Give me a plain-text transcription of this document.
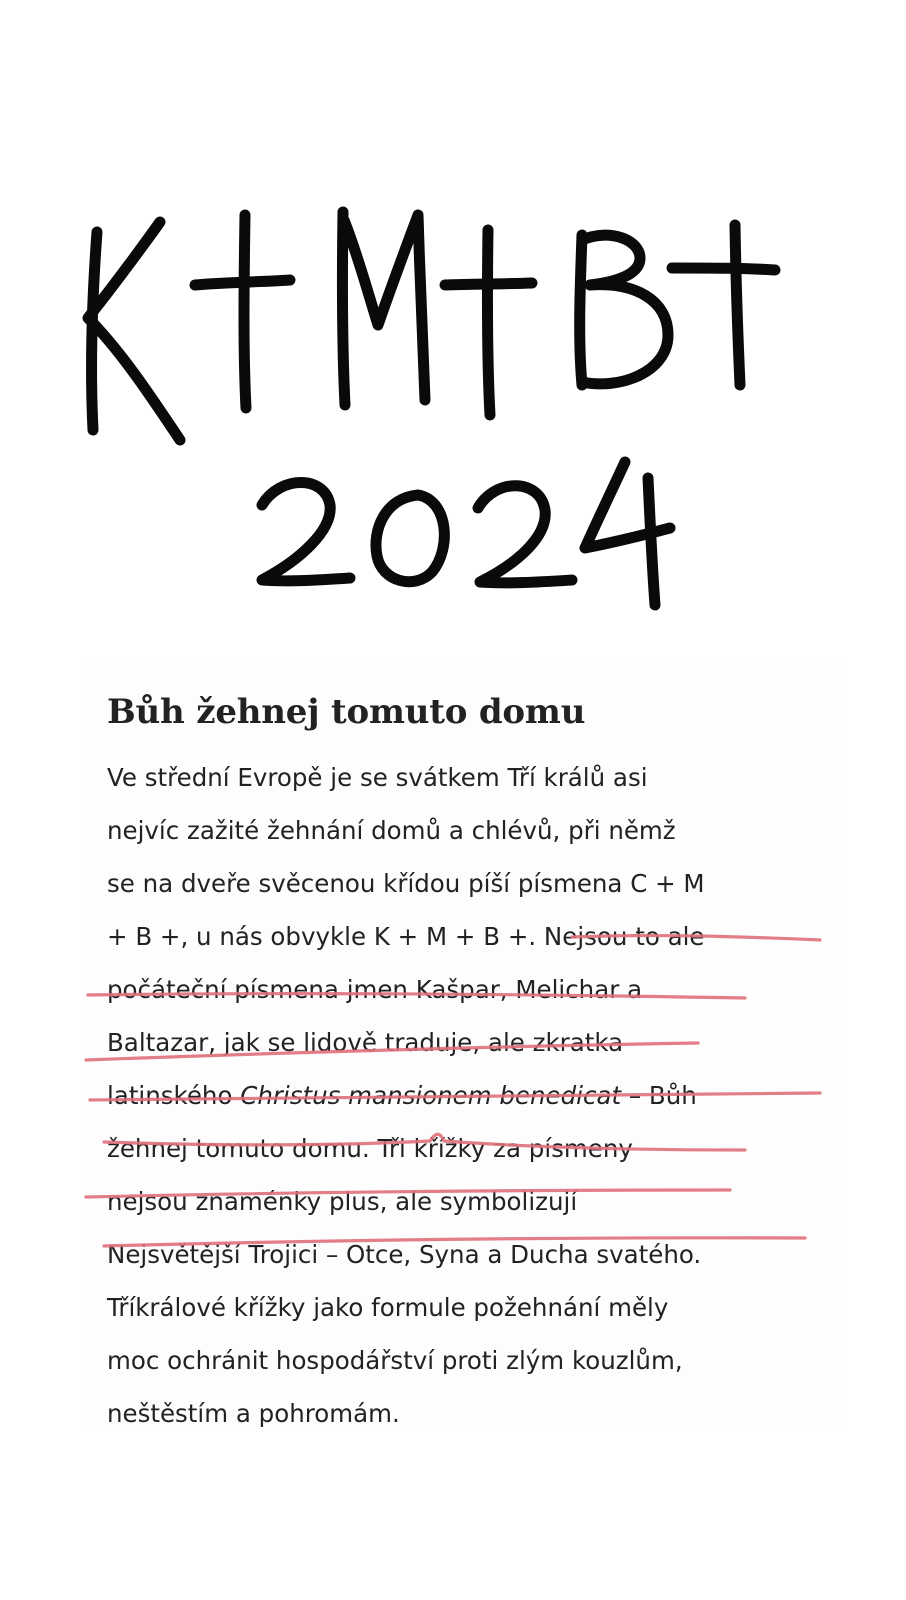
Bůh žehnej tomuto domu
Ve střední Evropě je se svátkem Tří králů asi
nejvíc zažité žehnání domů a chlévů, při němž
se na dveře svěcenou křídou píší písmena C + M
+ B +, u nás obvykle K + M + B +. Nejsou to ale
počáteční písmena jmen Kašpar, Melichar a
Baltazar, jak se lidově traduje, ale zkratka
latinského Christus mansionem benedicat – Bůh
žehnej tomuto domu. Tři křížky za písmeny
nejsou znaménky plus, ale symbolizují
Nejsvětější Trojici – Otce, Syna a Ducha svatého.
Tříkrálové křížky jako formule požehnání měly
moc ochránit hospodářství proti zlým kouzlům,
neštěstím a pohromám.
